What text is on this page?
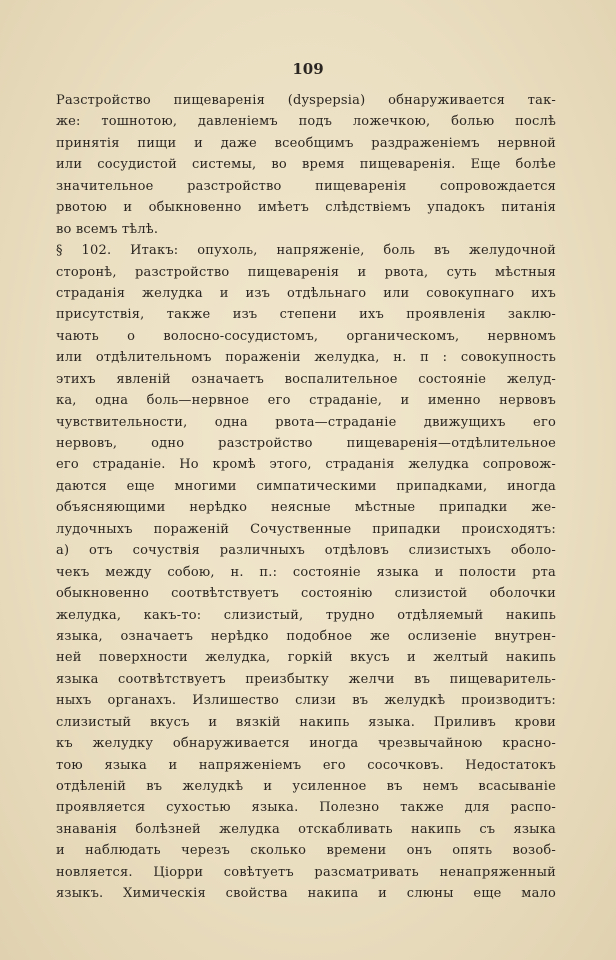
109
Разстройство пищеваренія (dyspepsia) обнаруживается так-
же: тошнотою, давленіемъ подъ ложечкою, болью послѣ
принятія пищи и даже всеобщимъ раздраженіемъ нервной
или сосудистой системы, во время пищеваренія. Еще болѣе
значительное разстройство пищеваренія сопровождается
рвотою и обыкновенно имѣетъ слѣдствіемъ упадокъ питанія
во всемъ тѣлѣ.
§ 102. Итакъ: опухоль, напряженіе, боль въ желудочной
сторонѣ, разстройство пищеваренія и рвота, суть мѣстныя
страданія желудка и изъ отдѣльнаго или совокупнаго ихъ
присутствія, также изъ степени ихъ проявленія заклю-
чають о волосно-сосудистомъ, органическомъ, нервномъ
или отдѣлительномъ пораженіи желудка, н. п : совокупность
этихъ явленій означаетъ воспалительное состояніе желуд-
ка, одна боль—нервное его страданіе, и именно нервовъ
чувствительности, одна рвота—страданіе движущихъ его
нервовъ, одно разстройство пищеваренія—отдѣлительное
его страданіе. Но кромѣ этого, страданія желудка сопровож-
даются еще многими симпатическими припадками, иногда
объясняющими нерѣдко неясные мѣстные припадки же-
лудочныхъ пораженій Сочуственные припадки происходятъ:
а) отъ сочуствія различныхъ отдѣловъ слизистыхъ оболо-
чекъ между собою, н. п.: состояніе языка и полости рта
обыкновенно соотвѣтствуетъ состоянію слизистой оболочки
желудка, какъ-то: слизистый, трудно отдѣляемый накипь
языка, означаетъ нерѣдко подобное же ослизеніе внутрен-
ней поверхности желудка, горкій вкусъ и желтый накипь
языка соотвѣтствуетъ преизбытку желчи въ пищеваритель-
ныхъ органахъ. Излишество слизи въ желудкѣ производитъ:
слизистый вкусъ и вязкій накипь языка. Приливъ крови
къ желудку обнаруживается иногда чрезвычайною красно-
тою языка и напряженіемъ его сосочковъ. Недостатокъ
отдѣленій въ желудкѣ и усиленное въ немъ всасываніе
проявляется сухостью языка. Полезно также для распо-
знаванія болѣзней желудка отскабливать накипь съ языка
и наблюдать черезъ сколько времени онъ опять возоб-
новляется. Ціорри совѣтуетъ разсматривать ненапряженный
языкъ. Химическія свойства накипа и слюны еще мало
